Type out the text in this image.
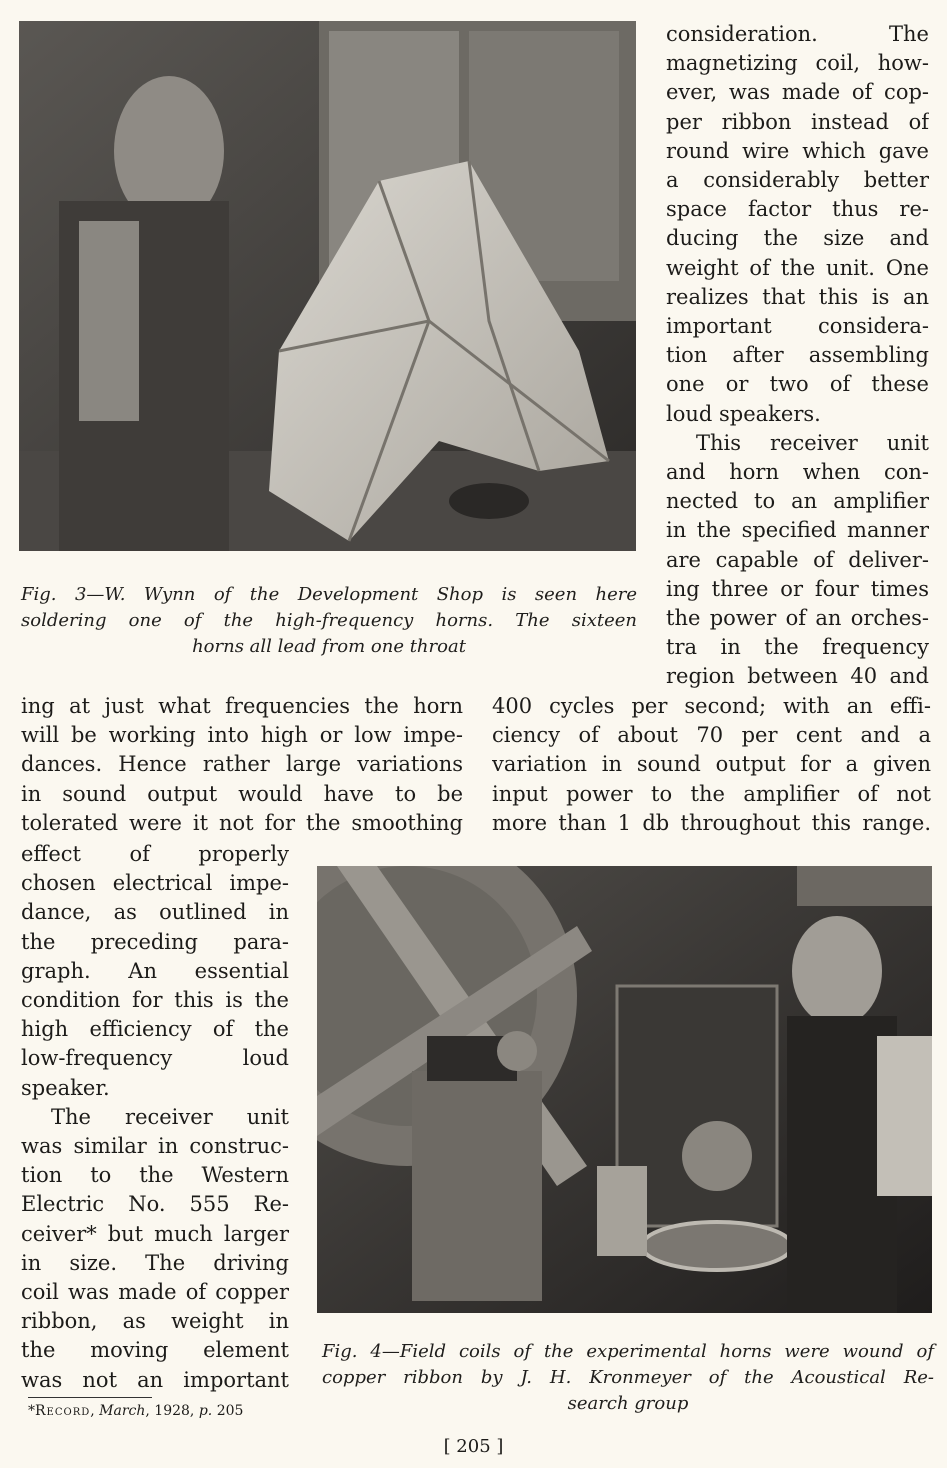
Fig. 3—W. Wynn of the Development Shop is seen here
soldering one of the high-frequency horns. The sixteen
horns all lead from one throat
consideration. The
magnetizing coil, how-
ever, was made of cop-
per ribbon instead of
round wire which gave
a considerably better
space factor thus re-
ducing the size and
weight of the unit. One
realizes that this is an
important considera-
tion after assembling
one or two of these
loud speakers.
This receiver unit
and horn when con-
nected to an amplifier
in the specified manner
are capable of deliver-
ing three or four times
the power of an orches-
tra in the frequency
region between 40 and
ing at just what frequencies the horn
will be working into high or low impe-
dances. Hence rather large variations
in sound output would have to be
tolerated were it not for the smoothing
400 cycles per second; with an effi-
ciency of about 70 per cent and a
variation in sound output for a given
input power to the amplifier of not
more than 1 db throughout this range.
effect of properly
chosen electrical impe-
dance, as outlined in
the preceding para-
graph. An essential
condition for this is the
high efficiency of the
low-frequency loud
speaker.
The receiver unit
was similar in construc-
tion to the Western
Electric No. 555 Re-
ceiver* but much larger
in size. The driving
coil was made of copper
ribbon, as weight in
the moving element
was not an important
Fig. 4—Field coils of the experimental horns were wound of
copper ribbon by J. H. Kronmeyer of the Acoustical Re-
search group
*Record, March, 1928, p. 205
[ 205 ]
